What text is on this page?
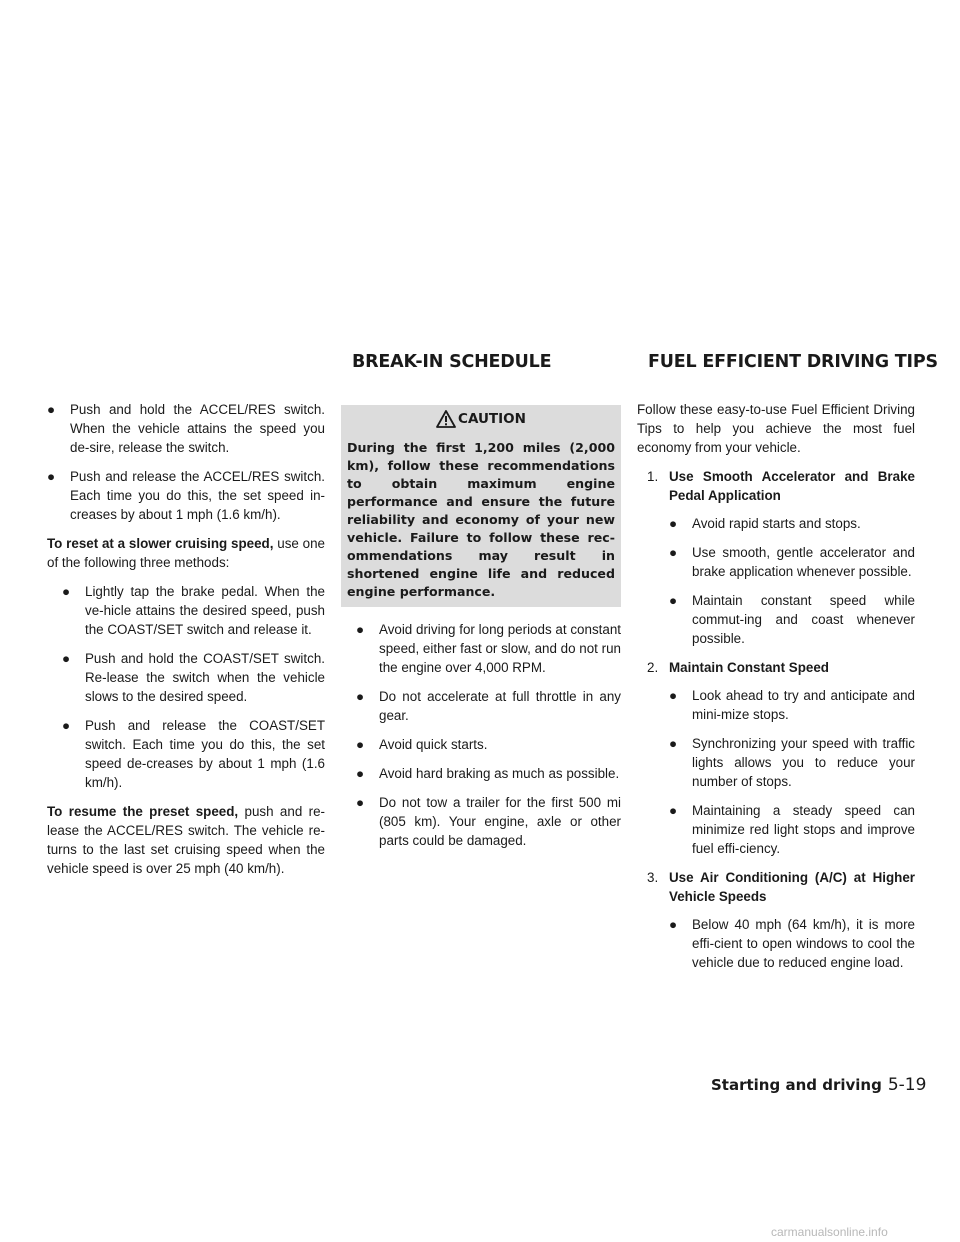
BREAK-IN SCHEDULE	FUEL EFFICIENT DRIVING TIPS
● Push and hold the ACCEL/RES switch. When the vehicle attains the speed you de-sire, release the switch.
● Push and release the ACCEL/RES switch. Each time you do this, the set speed in-creases by about 1 mph (1.6 km/h).

To reset at a slower cruising speed, use one of the following three methods:

● Lightly tap the brake pedal. When the ve-hicle attains the desired speed, push the COAST/SET switch and release it.
● Push and hold the COAST/SET switch. Re-lease the switch when the vehicle slows to the desired speed.
● Push and release the COAST/SET switch. Each time you do this, the set speed de-creases by about 1 mph (1.6 km/h).

To resume the preset speed, push and re-lease the ACCEL/RES switch. The vehicle re-turns to the last set cruising speed when the vehicle speed is over 25 mph (40 km/h).

CAUTION
During the first 1,200 miles (2,000 km), follow these recommendations to obtain maximum engine performance and ensure the future reliability and economy of your new vehicle. Failure to follow these rec-ommendations may result in shortened engine life and reduced engine performance.
● Avoid driving for long periods at constant speed, either fast or slow, and do not run the engine over 4,000 RPM.
● Do not accelerate at full throttle in any gear.
● Avoid quick starts.
● Avoid hard braking as much as possible.
● Do not tow a trailer for the first 500 mi (805 km). Your engine, axle or other parts could be damaged.

Follow these easy-to-use Fuel Efficient Driving Tips to help you achieve the most fuel economy from your vehicle.

1. Use Smooth Accelerator and Brake Pedal Application
● Avoid rapid starts and stops.
● Use smooth, gentle accelerator and brake application whenever possible.
● Maintain constant speed while commut-ing and coast whenever possible.
2. Maintain Constant Speed
● Look ahead to try and anticipate and mini-mize stops.
● Synchronizing your speed with traffic lights allows you to reduce your number of stops.
● Maintaining a steady speed can minimize red light stops and improve fuel effi-ciency.
3. Use Air Conditioning (A/C) at Higher Vehicle Speeds
● Below 40 mph (64 km/h), it is more effi-cient to open windows to cool the vehicle due to reduced engine load.
Starting and driving 5-19
carmanualsonline.info
